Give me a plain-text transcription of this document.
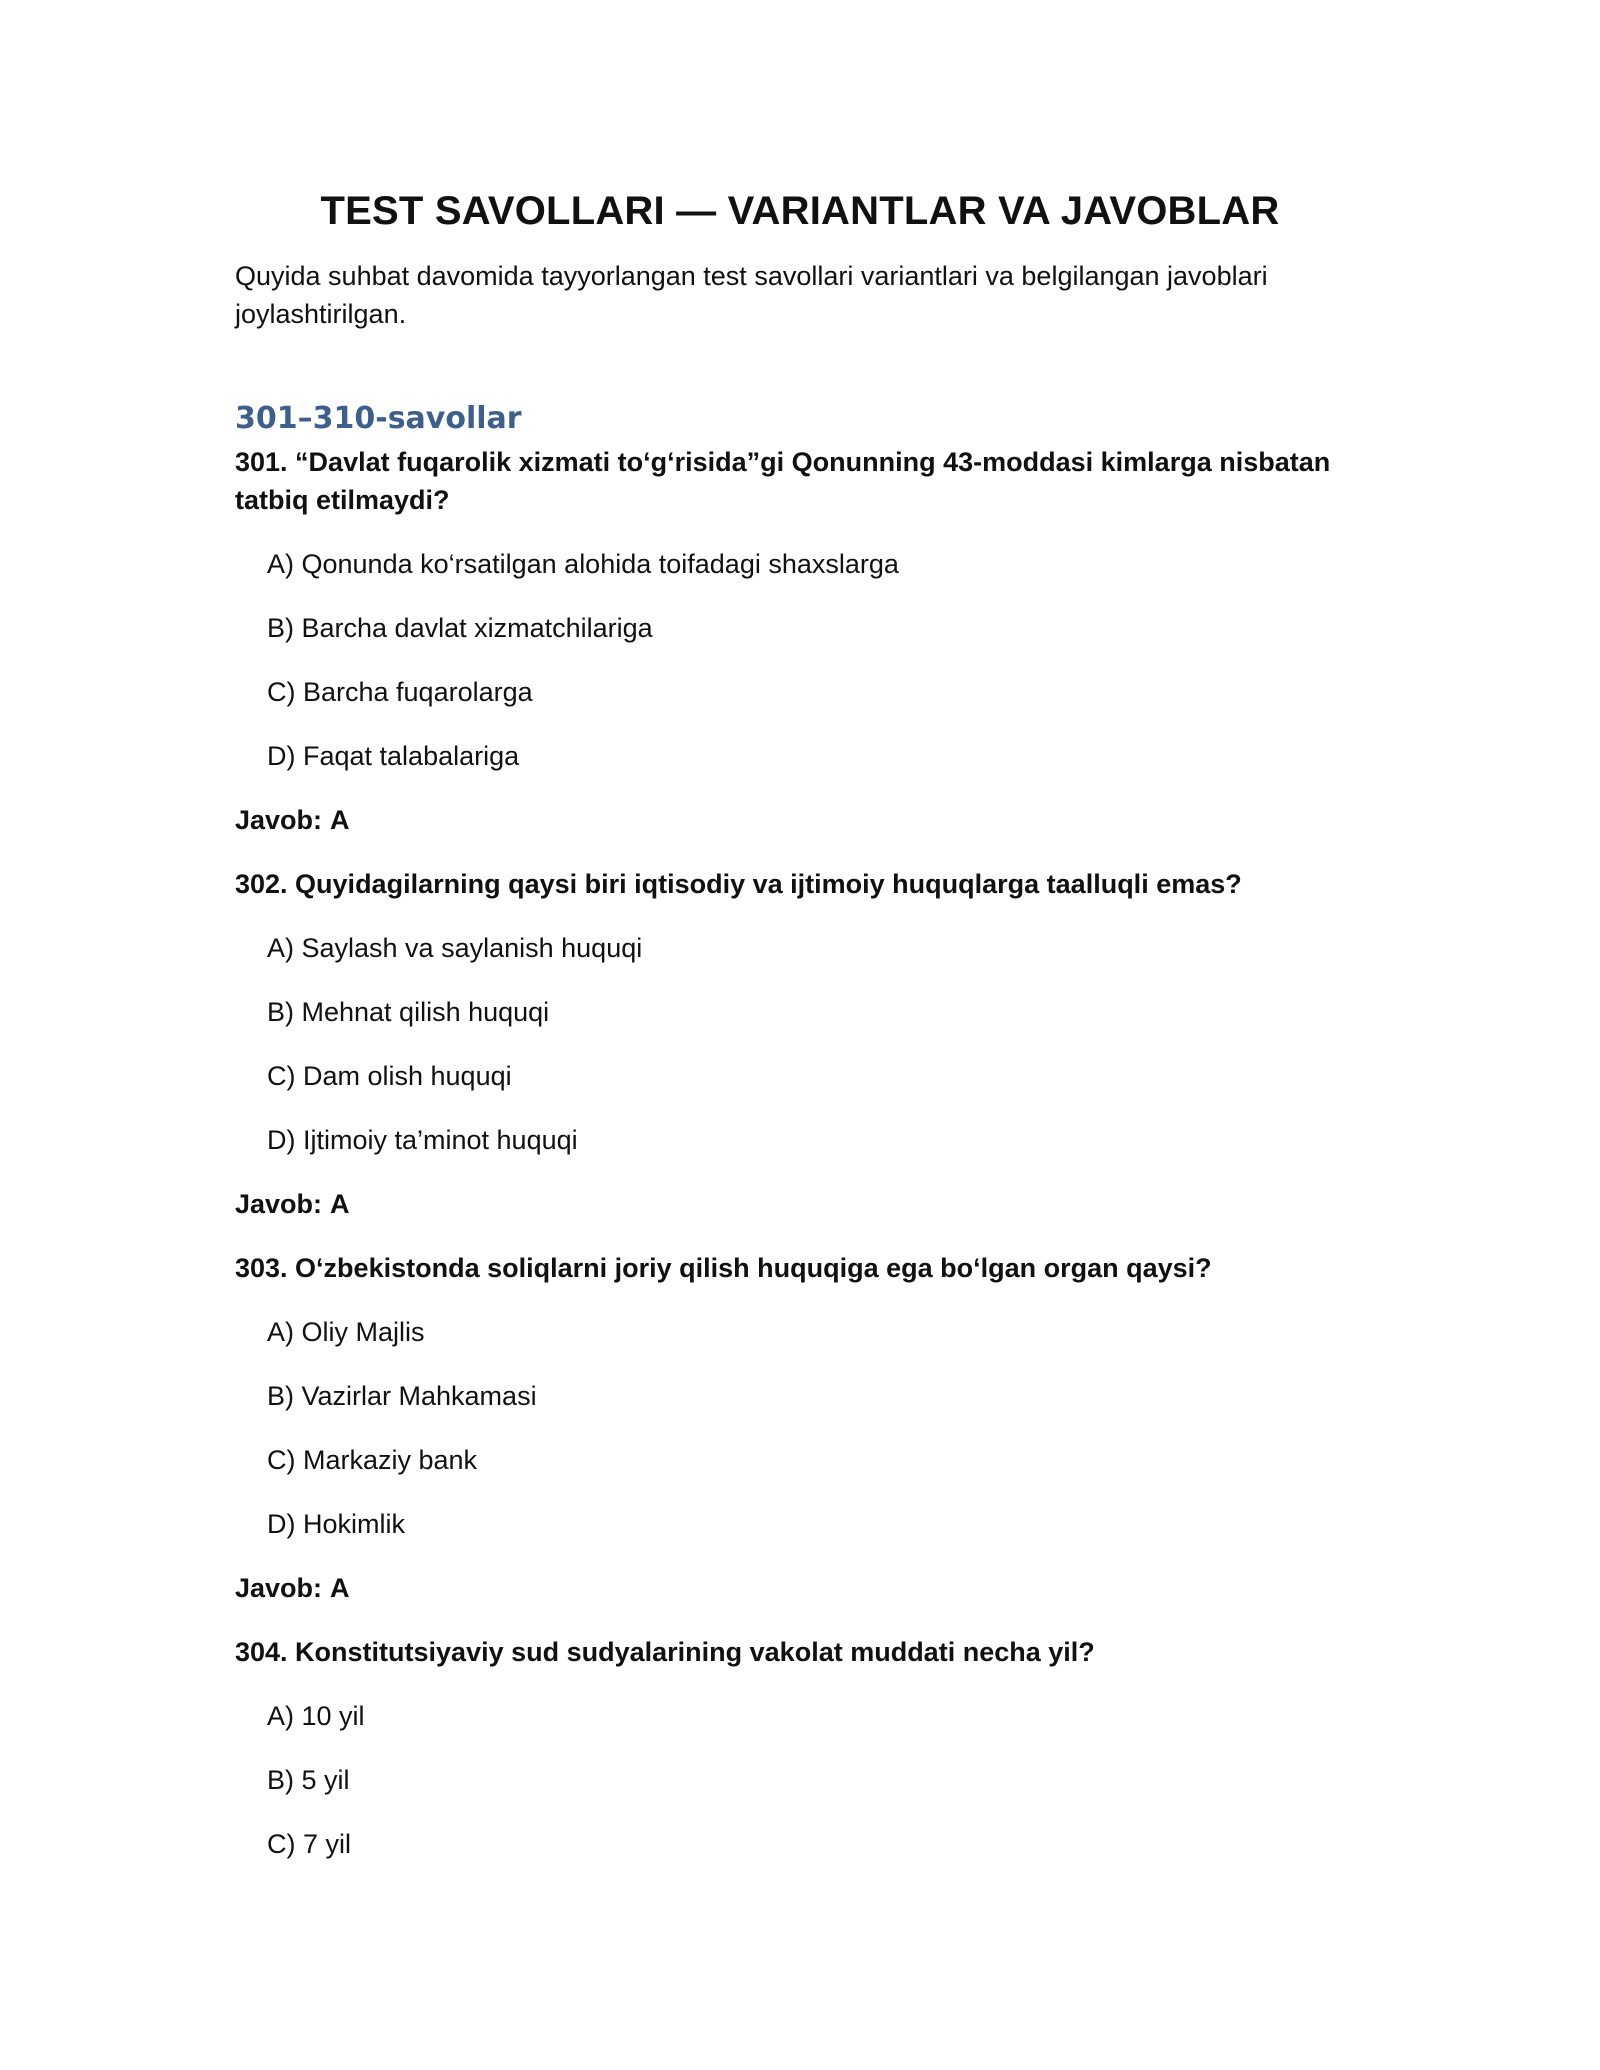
TEST SAVOLLARI — VARIANTLAR VA JAVOBLAR
Quyida suhbat davomida tayyorlangan test savollari variantlari va belgilangan javoblari joylashtirilgan.
301–310-savollar
301. “Davlat fuqarolik xizmati to‘g‘risida”gi Qonunning 43-moddasi kimlarga nisbatan tatbiq etilmaydi?
A) Qonunda ko‘rsatilgan alohida toifadagi shaxslarga
B) Barcha davlat xizmatchilariga
C) Barcha fuqarolarga
D) Faqat talabalariga
Javob: A
302. Quyidagilarning qaysi biri iqtisodiy va ijtimoiy huquqlarga taalluqli emas?
A) Saylash va saylanish huquqi
B) Mehnat qilish huquqi
C) Dam olish huquqi
D) Ijtimoiy ta’minot huquqi
Javob: A
303. O‘zbekistonda soliqlarni joriy qilish huquqiga ega bo‘lgan organ qaysi?
A) Oliy Majlis
B) Vazirlar Mahkamasi
C) Markaziy bank
D) Hokimlik
Javob: A
304. Konstitutsiyaviy sud sudyalarining vakolat muddati necha yil?
A) 10 yil
B) 5 yil
C) 7 yil
